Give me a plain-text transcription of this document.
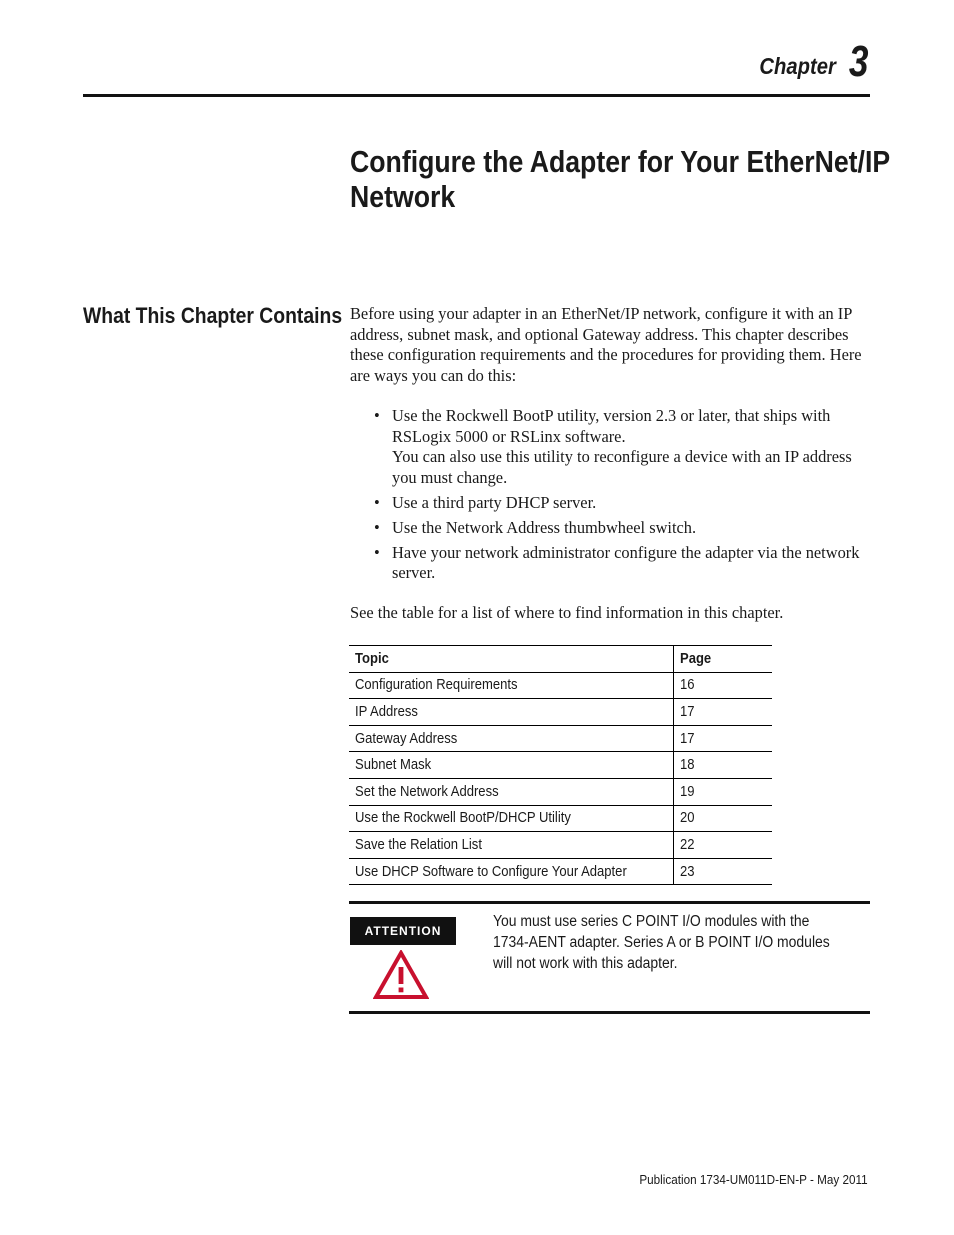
Chapter 3
Configure the Adapter for Your EtherNet/IP
Network
What This Chapter Contains Before using your adapter in an EtherNet/IP network, configure it with an IP address, subnet mask, and optional Gateway address. This chapter describes these configuration requirements and the procedures for providing them. Here are ways you can do this:

• Use the Rockwell BootP utility, version 2.3 or later, that ships with RSLogix 5000 or RSLinx software.
You can also use this utility to reconfigure a device with an IP address you must change.
• Use a third party DHCP server.
• Use the Network Address thumbwheel switch.
• Have your network administrator configure the adapter via the network server.

See the table for a list of where to find information in this chapter.

Topic	Page
Configuration Requirements	16
IP Address	17
Gateway Address	17
Subnet Mask	18
Set the Network Address	19
Use the Rockwell BootP/DHCP Utility	20
Save the Relation List	22
Use DHCP Software to Configure Your Adapter	23
ATTENTION
You must use series C POINT I/O modules with the 1734-AENT adapter. Series A or B POINT I/O modules will not work with this adapter.
Publication 1734-UM011D-EN-P - May 2011
